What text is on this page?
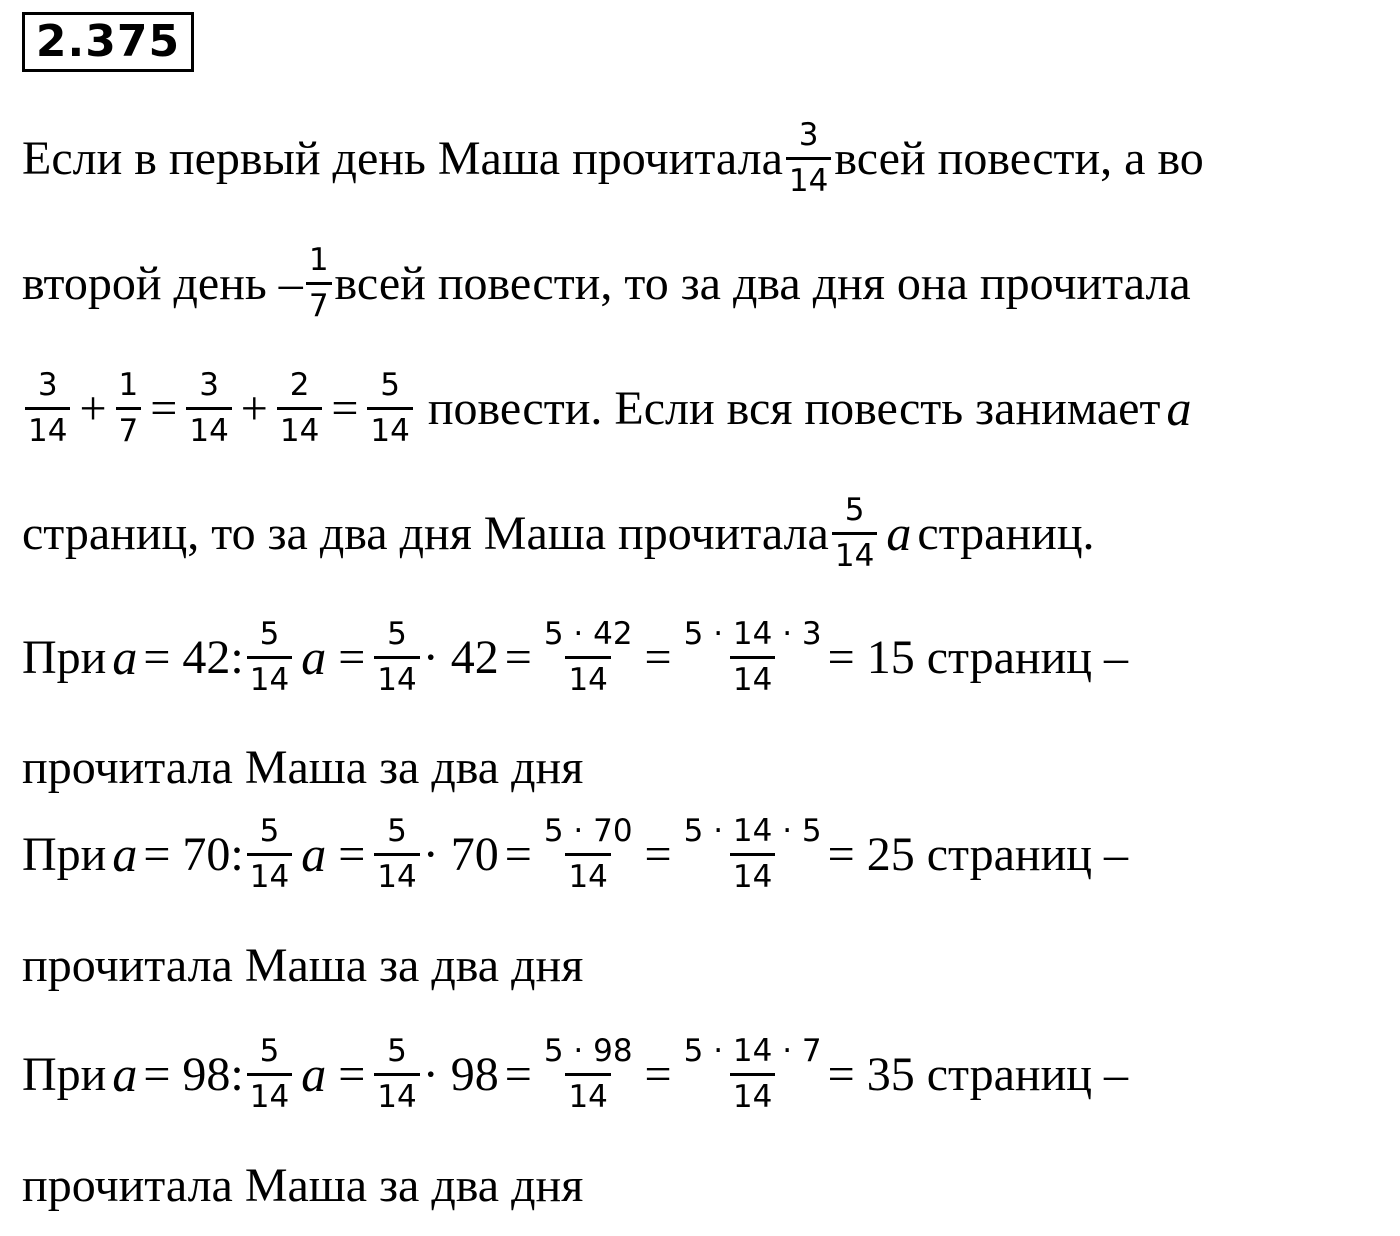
2.375
Если в первый день Маша прочитала $\frac{3}{14}$ всей повести, а во
второй день – $\frac{1}{7}$ всей повести, то за два дня она прочитала
$\frac{3}{14} + \frac{1}{7} = \frac{3}{14} + \frac{2}{14} = \frac{5}{14}$ повести. Если вся повесть занимает a
страниц, то за два дня Маша прочитала $\frac{5}{14}$ a страниц.
При a = 42: $\frac{5}{14}$ $a = \frac{5}{14} \cdot 42 = \frac{5 \cdot 42}{14} = \frac{5 \cdot 14 \cdot 3}{14} = 15$ страниц –
прочитала Маша за два дня
При a = 70: $\frac{5}{14}$ $a = \frac{5}{14} \cdot 70 = \frac{5 \cdot 70}{14} = \frac{5 \cdot 14 \cdot 5}{14} = 25$ страниц –
прочитала Маша за два дня
При a = 98: $\frac{5}{14}$ $a = \frac{5}{14} \cdot 98 = \frac{5 \cdot 98}{14} = \frac{5 \cdot 14 \cdot 7}{14} = 35$ страниц –
прочитала Маша за два дня
